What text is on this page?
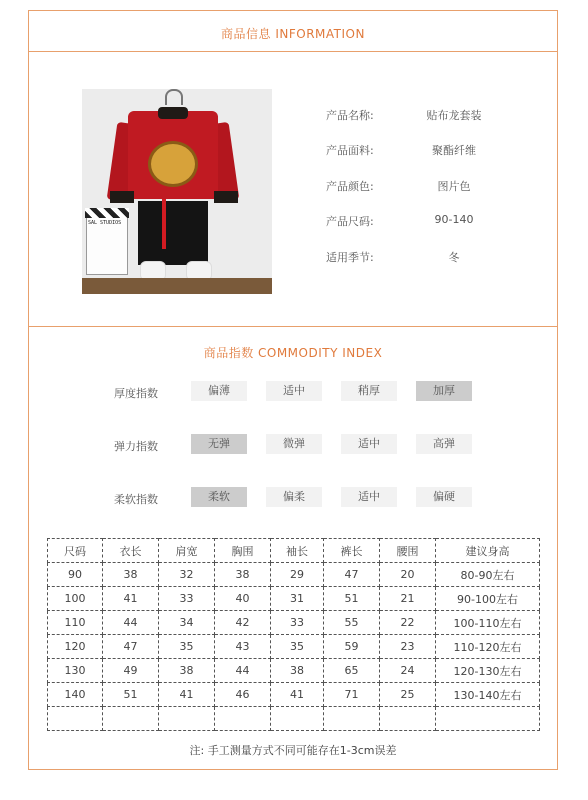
商品信息 INFORMATION
SAL STUDIOS
产品名称:	贴布龙套装
产品面料:	聚酯纤维
产品颜色:	图片色
产品尺码:	90-140
适用季节:	冬
商品指数 COMMODITY INDEX
厚度指数	偏薄	适中	稍厚	加厚
弹力指数	无弹	微弹	适中	高弹
柔软指数	柔软	偏柔	适中	偏硬
尺码	衣长	肩宽	胸围	袖长	裤长	腰围	建议身高
90	38	32	38	29	47	20	80-90左右
100	41	33	40	31	51	21	90-100左右
110	44	34	42	33	55	22	100-110左右
120	47	35	43	35	59	23	110-120左右
130	49	38	44	38	65	24	120-130左右
140	51	41	46	41	71	25	130-140左右

注: 手工测量方式不同可能存在1-3cm误差
